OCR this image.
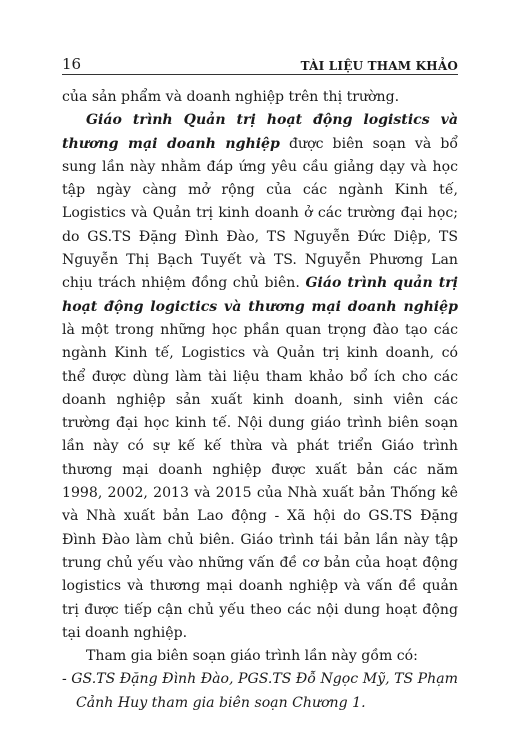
16	TÀI LIỆU THAM KHẢO

của sản phẩm và doanh nghiệp trên thị trường.

Giáo trình Quản trị hoạt động logistics và thương mại doanh nghiệp được biên soạn và bổ sung lần này nhằm đáp ứng yêu cầu giảng dạy và học tập ngày càng mở rộng của các ngành Kinh tế, Logistics và Quản trị kinh doanh ở các trường đại học; do GS.TS Đặng Đình Đào, TS Nguyễn Đức Diệp, TS Nguyễn Thị Bạch Tuyết và TS. Nguyễn Phương Lan chịu trách nhiệm đồng chủ biên. Giáo trình quản trị hoạt động logictics và thương mại doanh nghiệp là một trong những học phần quan trọng đào tạo các ngành Kinh tế, Logistics và Quản trị kinh doanh, có thể được dùng làm tài liệu tham khảo bổ ích cho các doanh nghiệp sản xuất kinh doanh, sinh viên các trường đại học kinh tế. Nội dung giáo trình biên soạn lần này có sự kế kế thừa và phát triển Giáo trình thương mại doanh nghiệp được xuất bản các năm 1998, 2002, 2013 và 2015 của Nhà xuất bản Thống kê và Nhà xuất bản Lao động - Xã hội do GS.TS Đặng Đình Đào làm chủ biên. Giáo trình tái bản lần này tập trung chủ yếu vào những vấn đề cơ bản của hoạt động logistics và thương mại doanh nghiệp và vấn đề quản trị được tiếp cận chủ yếu theo các nội dung hoạt động tại doanh nghiệp.

Tham gia biên soạn giáo trình lần này gồm có:

- GS.TS Đặng Đình Đào, PGS.TS Đỗ Ngọc Mỹ, TS Phạm Cảnh Huy tham gia biên soạn Chương 1.
